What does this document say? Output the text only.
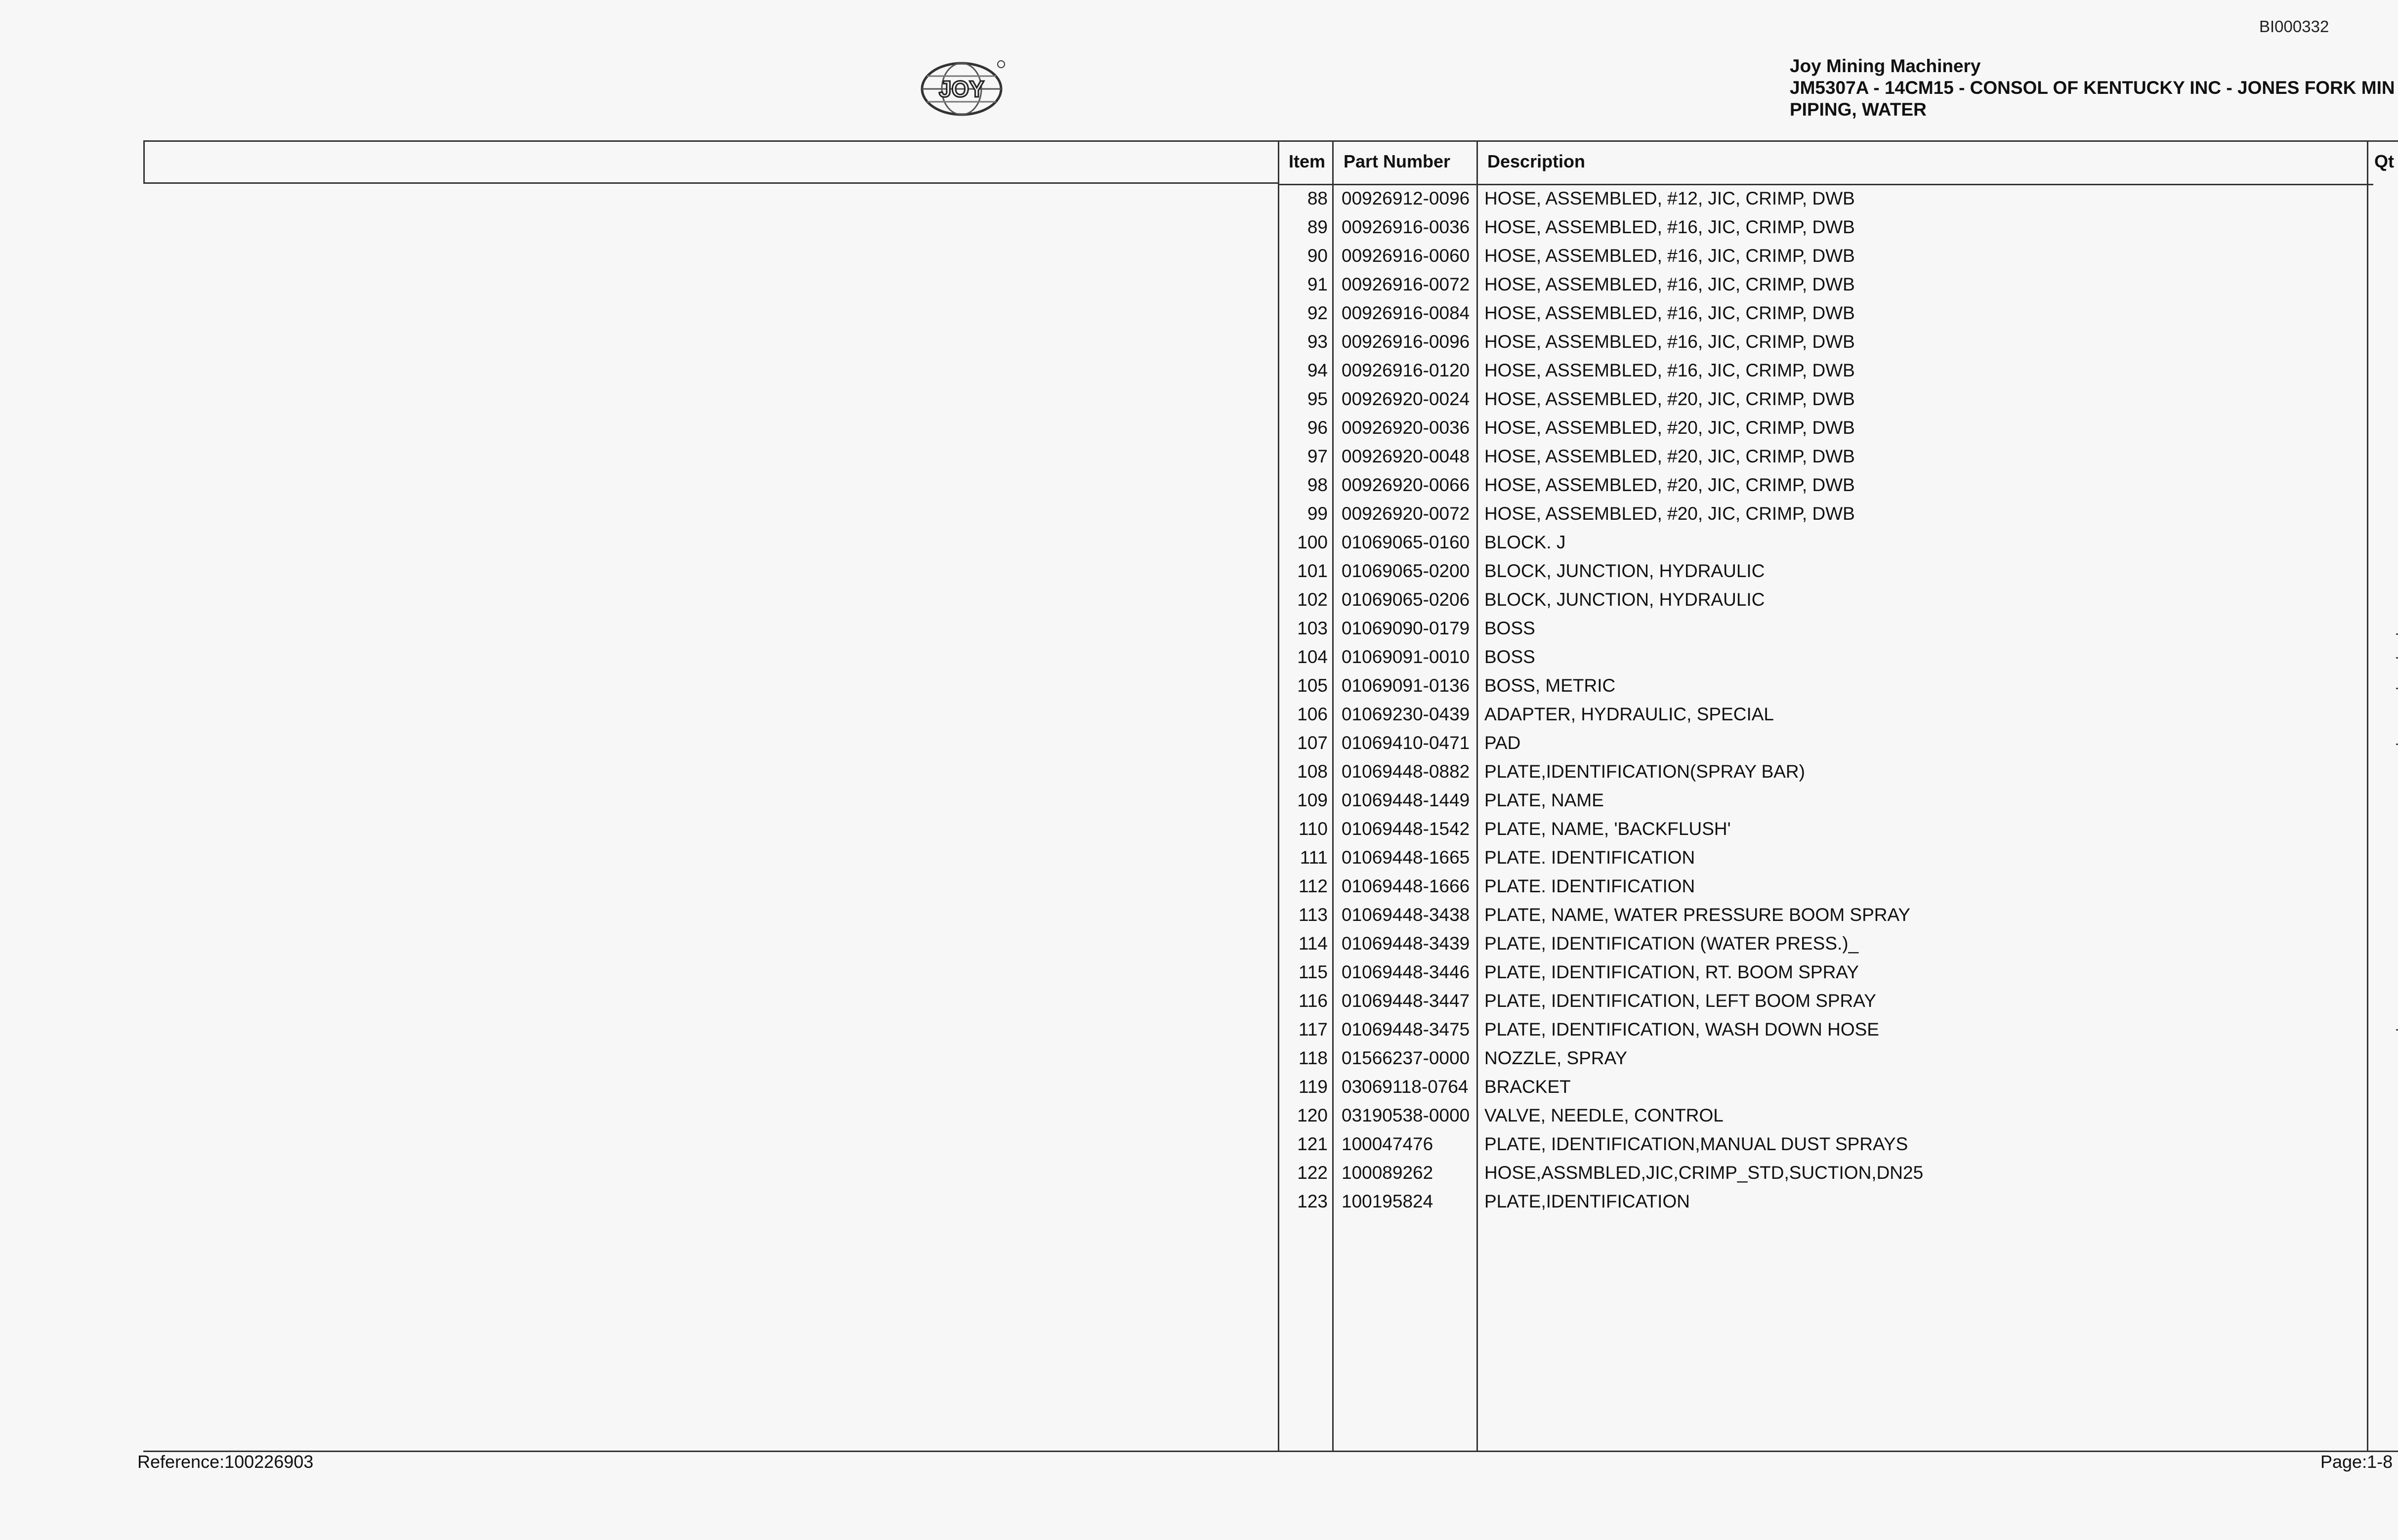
BI000332
JOY
Joy Mining Machinery
JM5307A - 14CM15 - CONSOL OF KENTUCKY INC - JONES FORK MIN
PIPING, WATER
Item Part Number Description	Qt
88 00926912-0096 HOSE, ASSEMBLED, #12, JIC, CRIMP, DWB
89 00926916-0036 HOSE, ASSEMBLED, #16, JIC, CRIMP, DWB
90 00926916-0060 HOSE, ASSEMBLED, #16, JIC, CRIMP, DWB
91 00926916-0072 HOSE, ASSEMBLED, #16, JIC, CRIMP, DWB
92 00926916-0084 HOSE, ASSEMBLED, #16, JIC, CRIMP, DWB
93 00926916-0096 HOSE, ASSEMBLED, #16, JIC, CRIMP, DWB
94 00926916-0120 HOSE, ASSEMBLED, #16, JIC, CRIMP, DWB
95 00926920-0024 HOSE, ASSEMBLED, #20, JIC, CRIMP, DWB
96 00926920-0036 HOSE, ASSEMBLED, #20, JIC, CRIMP, DWB
97 00926920-0048 HOSE, ASSEMBLED, #20, JIC, CRIMP, DWB
98 00926920-0066 HOSE, ASSEMBLED, #20, JIC, CRIMP, DWB
99 00926920-0072 HOSE, ASSEMBLED, #20, JIC, CRIMP, DWB
100 01069065-0160 BLOCK. J
101 01069065-0200 BLOCK, JUNCTION, HYDRAULIC
102 01069065-0206 BLOCK, JUNCTION, HYDRAULIC
103 01069090-0179 BOSS
104 01069091-0010 BOSS
105 01069091-0136 BOSS, METRIC
106 01069230-0439 ADAPTER, HYDRAULIC, SPECIAL
107 01069410-0471 PAD
108 01069448-0882 PLATE,IDENTIFICATION(SPRAY BAR)
109 01069448-1449 PLATE, NAME
110 01069448-1542 PLATE, NAME, 'BACKFLUSH'
111 01069448-1665 PLATE. IDENTIFICATION
112 01069448-1666 PLATE. IDENTIFICATION
113 01069448-3438 PLATE, NAME, WATER PRESSURE BOOM SPRAY
114 01069448-3439 PLATE, IDENTIFICATION (WATER PRESS.)_
115 01069448-3446 PLATE, IDENTIFICATION, RT. BOOM SPRAY
116 01069448-3447 PLATE, IDENTIFICATION, LEFT BOOM SPRAY
117 01069448-3475 PLATE, IDENTIFICATION, WASH DOWN HOSE
118 01566237-0000 NOZZLE, SPRAY
119 03069118-0764 BRACKET
120 03190538-0000 VALVE, NEEDLE, CONTROL
121 100047476	PLATE, IDENTIFICATION,MANUAL DUST SPRAYS
122 100089262	HOSE,ASSMBLED,JIC,CRIMP_STD,SUCTION,DN25
123 100195824	PLATE,IDENTIFICATION
Reference:100226903	Page:1-8
